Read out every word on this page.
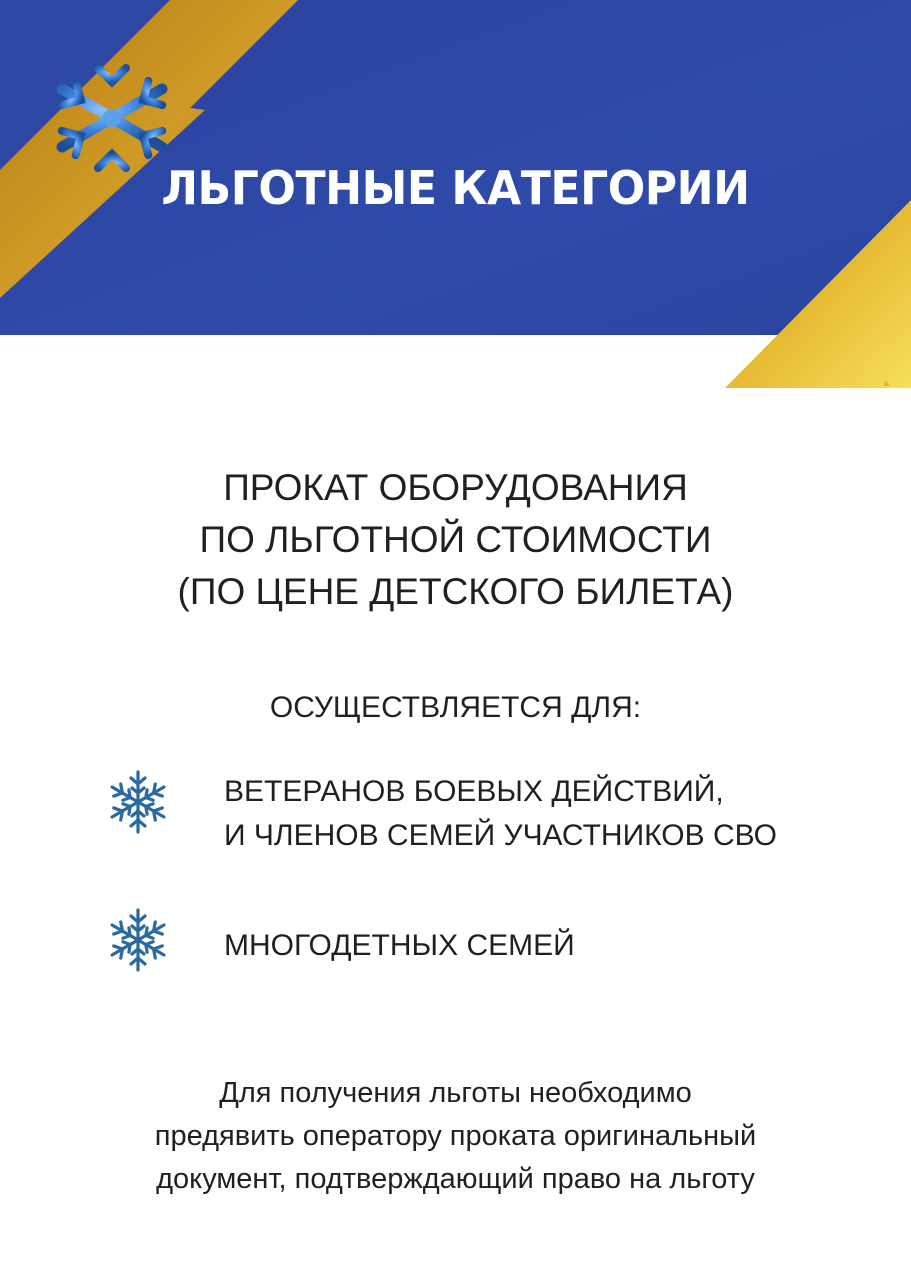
ЛЬГОТНЫЕ КАТЕГОРИИ
ПРОКАТ ОБОРУДОВАНИЯ
ПО ЛЬГОТНОЙ СТОИМОСТИ
(ПО ЦЕНЕ ДЕТСКОГО БИЛЕТА)
ОСУЩЕСТВЛЯЕТСЯ ДЛЯ:
ВЕТЕРАНОВ БОЕВЫХ ДЕЙСТВИЙ,
И ЧЛЕНОВ СЕМЕЙ УЧАСТНИКОВ СВО
МНОГОДЕТНЫХ СЕМЕЙ
Для получения льготы необходимо
предявить оператору проката оригинальный
документ, подтверждающий право на льготу
